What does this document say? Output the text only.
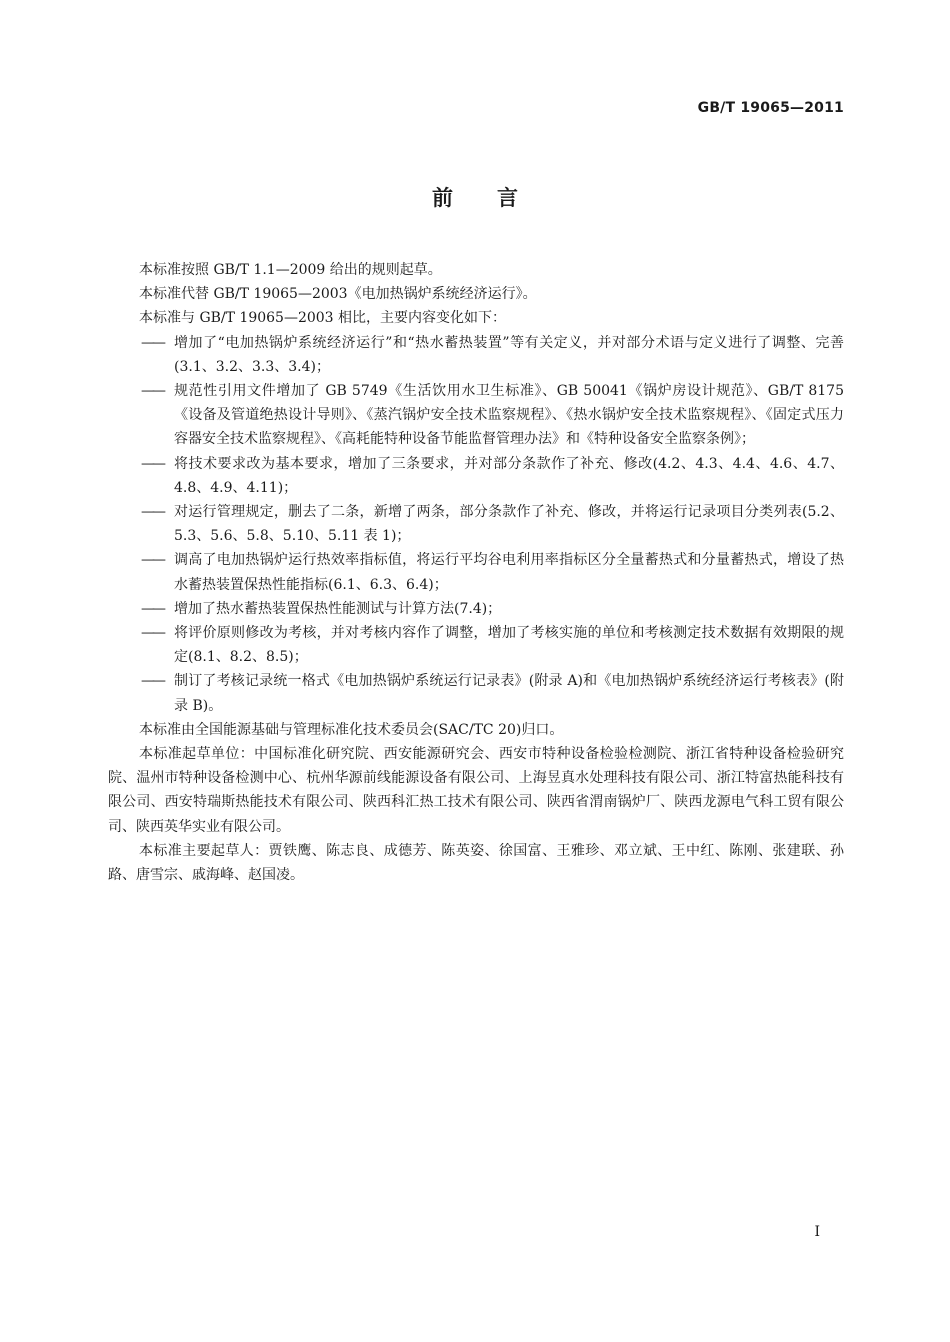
GB/T 19065—2011
前 言

本标准按照 GB/T 1.1—2009 给出的规则起草。

本标准代替 GB/T 19065—2003《电加热锅炉系统经济运行》。

本标准与 GB/T 19065—2003 相比，主要内容变化如下：

—— 增加了“电加热锅炉系统经济运行”和“热水蓄热装置”等有关定义，并对部分术语与定义进行了调整、完善(3.1、3.2、3.3、3.4)；
—— 规范性引用文件增加了 GB 5749《生活饮用水卫生标准》、GB 50041《锅炉房设计规范》、GB/T 8175《设备及管道绝热设计导则》、《蒸汽锅炉安全技术监察规程》、《热水锅炉安全技术监察规程》、《固定式压力容器安全技术监察规程》、《高耗能特种设备节能监督管理办法》和《特种设备安全监察条例》；
—— 将技术要求改为基本要求，增加了三条要求，并对部分条款作了补充、修改(4.2、4.3、4.4、4.6、4.7、4.8、4.9、4.11)；
—— 对运行管理规定，删去了二条，新增了两条，部分条款作了补充、修改，并将运行记录项目分类列表(5.2、5.3、5.6、5.8、5.10、5.11 表 1)；
—— 调高了电加热锅炉运行热效率指标值，将运行平均谷电利用率指标区分全量蓄热式和分量蓄热式，增设了热水蓄热装置保热性能指标(6.1、6.3、6.4)；
—— 增加了热水蓄热装置保热性能测试与计算方法(7.4)；
—— 将评价原则修改为考核，并对考核内容作了调整，增加了考核实施的单位和考核测定技术数据有效期限的规定(8.1、8.2、8.5)；
—— 制订了考核记录统一格式《电加热锅炉系统运行记录表》(附录 A)和《电加热锅炉系统经济运行考核表》(附录 B)。

本标准由全国能源基础与管理标准化技术委员会(SAC/TC 20)归口。

本标准起草单位：中国标准化研究院、西安能源研究会、西安市特种设备检验检测院、浙江省特种设备检验研究院、温州市特种设备检测中心、杭州华源前线能源设备有限公司、上海昱真水处理科技有限公司、浙江特富热能科技有限公司、西安特瑞斯热能技术有限公司、陕西科汇热工技术有限公司、陕西省渭南锅炉厂、陕西龙源电气科工贸有限公司、陕西英华实业有限公司。

本标准主要起草人：贾铁鹰、陈志良、成德芳、陈英姿、徐国富、王雅珍、邓立斌、王中红、陈刚、张建联、孙路、唐雪宗、戚海峰、赵国凌。

I
